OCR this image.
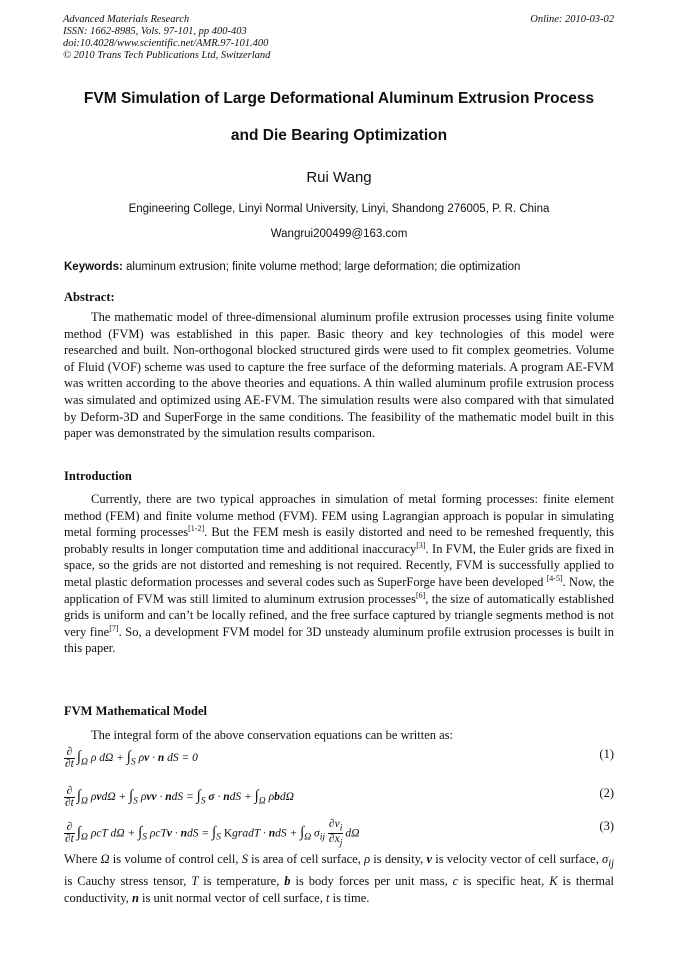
Advanced Materials Research
ISSN: 1662-8985, Vols. 97-101, pp 400-403
doi:10.4028/www.scientific.net/AMR.97-101.400
© 2010 Trans Tech Publications Ltd, Switzerland
Online: 2010-03-02
FVM Simulation of Large Deformational Aluminum Extrusion Process
and Die Bearing Optimization
Rui Wang
Engineering College, Linyi Normal University, Linyi, Shandong 276005, P. R. China
Wangrui200499@163.com
Keywords: aluminum extrusion; finite volume method; large deformation; die optimization
Abstract:

The mathematic model of three-dimensional aluminum profile extrusion processes using finite volume method (FVM) was established in this paper. Basic theory and key technologies of this model were researched and built. Non-orthogonal blocked structured girds were used to fit complex geometries. Volume of Fluid (VOF) scheme was used to capture the free surface of the deforming materials. A program AE-FVM was written according to the above theories and equations. A thin walled aluminum profile extrusion process was simulated and optimized using AE-FVM. The simulation results were also compared with that simulated by Deform-3D and SuperForge in the same conditions. The feasibility of the mathematic model built in this paper was demonstrated by the simulation results comparison.

Introduction

Currently, there are two typical approaches in simulation of metal forming processes: finite element method (FEM) and finite volume method (FVM). FEM using Lagrangian approach is popular in simulating metal forming processes[1-2]. But the FEM mesh is easily distorted and need to be remeshed frequently, this probably results in longer computation time and additional inaccuracy[3]. In FVM, the Euler grids are fixed in space, so the grids are not distorted and remeshing is not required. Recently, FVM is successfully applied to metal plastic deformation processes and several codes such as SuperForge have been developed [4-5]. Now, the application of FVM was still limited to aluminum extrusion processes[6], the size of automatically established grids is uniform and can’t be locally refined, and the free surface captured by triangle segments method is not very fine[7]. So, a development FVM model for 3D unsteady aluminum profile extrusion processes is built in this paper.

FVM Mathematical Model

The integral form of the above conservation equations can be written as:

$\frac{\partial}{\partial t} \int_\Omega$ ρ $d\Omega + \int_S$ ρv · n dS = 0	(1)
$\frac{\partial}{\partial t} \int_\Omega$ $\rho vd\Omega + \int_S$ ρvv · ndS = $\int_S$ σ · ndS + $\int_\Omega$ ρbdΩ	(2)
$\frac{\partial}{\partial t} \int_\Omega$ ρcT $d\Omega + \int_S$ ρcTv · ndS = $\int_S$ KgradT · ndS + $\int_\Omega$ $\sigma_{ij} \frac{\partial v_i}{\partial x_j}$ dΩ
(3)

Where Ω is volume of control cell, S is area of cell surface, ρ is density, v is velocity vector of cell surface, $\sigma_{ij}$ is Cauchy stress tensor, T is temperature, b is body forces per unit mass, c is specific heat, K is thermal conductivity, n is unit normal vector of cell surface, t is time.
